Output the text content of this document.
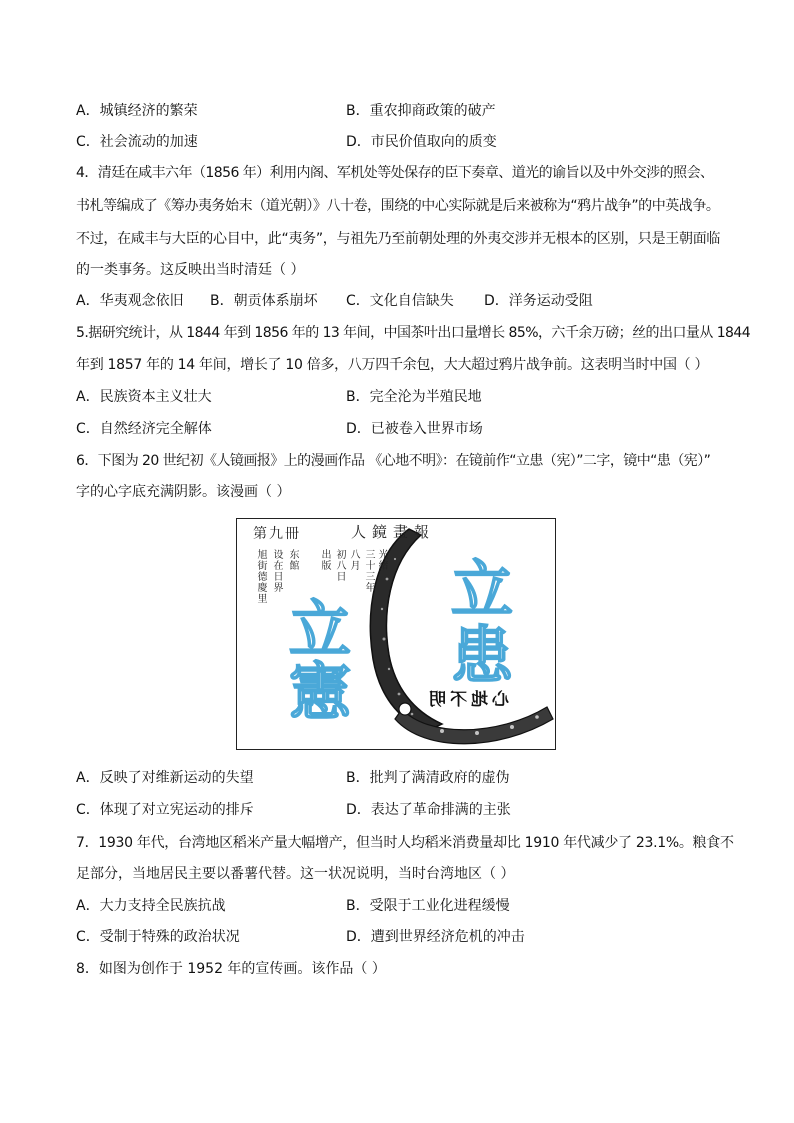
A．城镇经济的繁荣	B．重农抑商政策的破产
C．社会流动的加速	D．市民价值取向的质变
4．清廷在咸丰六年（1856 年）利用内阁、军机处等处保存的臣下奏章、道光的谕旨以及中外交涉的照会、
书札等编成了《筹办夷务始末（道光朝）》八十卷，围绕的中心实际就是后来被称为“鸦片战争”的中英战争。
不过，在咸丰与大臣的心目中，此“夷务”，与祖先乃至前朝处理的外夷交涉并无根本的区别，只是王朝面临
的一类事务。这反映出当时清廷（ ）
A．华夷观念依旧 B．朝贡体系崩坏 C．文化自信缺失 D．洋务运动受阻
5.据研究统计，从 1844 年到 1856 年的 13 年间，中国茶叶出口量增长 85%，六千余万磅；丝的出口量从 1844
年到 1857 年的 14 年间，增长了 10 倍多，八万四千余包，大大超过鸦片战争前。这表明当时中国（ ）
A．民族资本主义壮大	B．完全沦为半殖民地
C．自然经济完全解体	D．已被卷入世界市场
6．下图为 20 世纪初《人镜画报》上的漫画作品 《心地不明》：在镜前作“立患（宪）”二字，镜中“患（宪）”
字的心字底充满阴影。该漫画（ ）
人鏡畫報
第九冊
光緒
三十三年
八月
初八日
出版
东館
设在日界
旭街德慶里
立
憲
立
患
心地不明
A．反映了对维新运动的失望	B．批判了满清政府的虚伪
C．体现了对立宪运动的排斥	D．表达了革命排满的主张
7．1930 年代，台湾地区稻米产量大幅增产，但当时人均稻米消费量却比 1910 年代减少了 23.1%。粮食不
足部分，当地居民主要以番薯代替。这一状况说明，当时台湾地区（ ）
A．大力支持全民族抗战	B．受限于工业化进程缓慢
C．受制于特殊的政治状况	D．遭到世界经济危机的冲击
8．如图为创作于 1952 年的宣传画。该作品（ ）
